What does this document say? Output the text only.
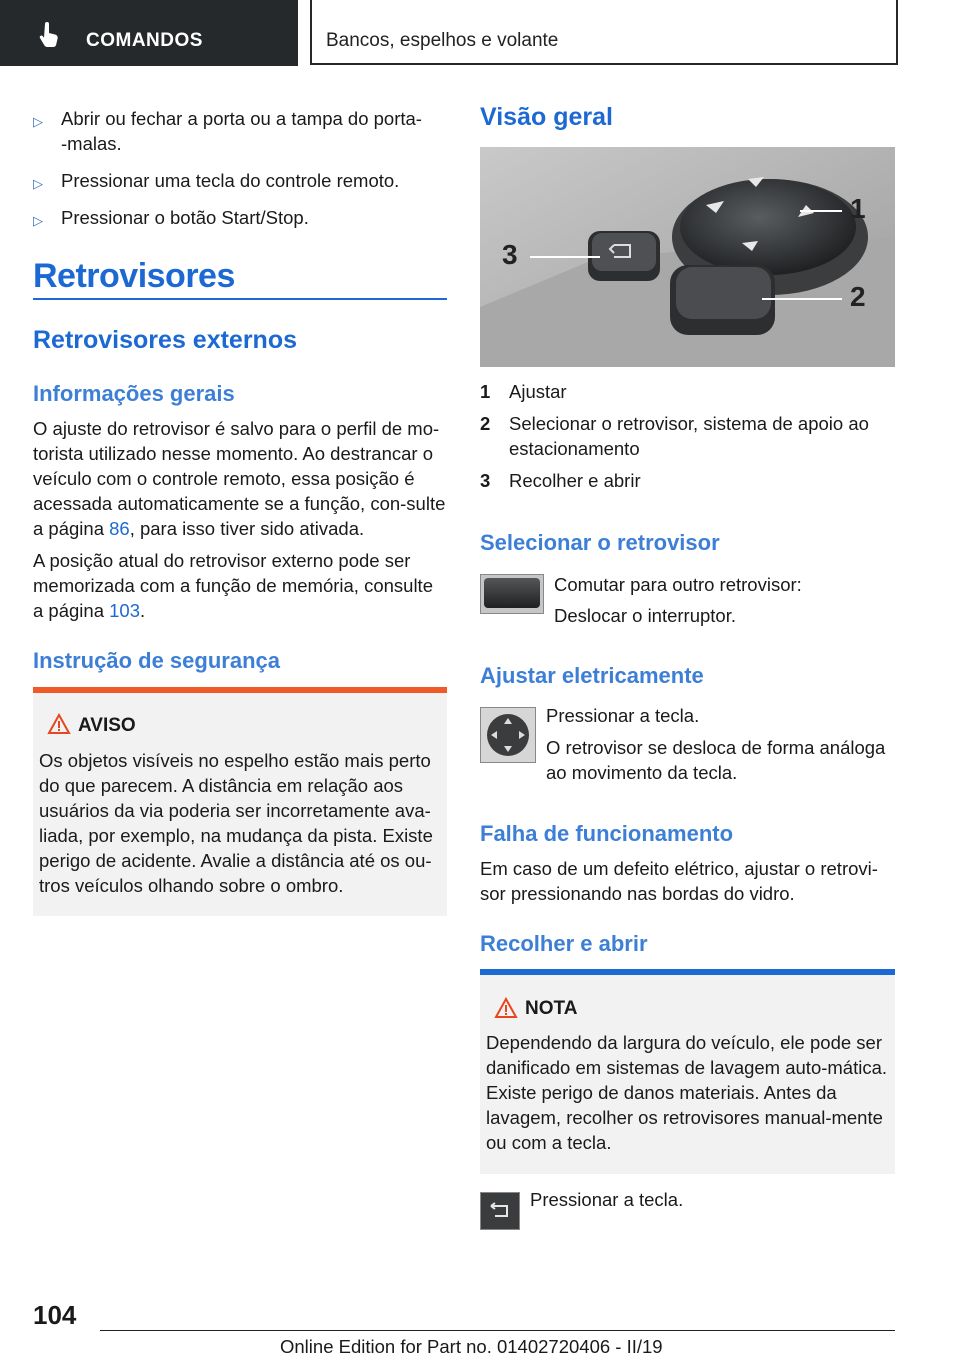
COMANDOS	Bancos, espelhos e volante
▷ Abrir ou fechar a porta ou a tampa do porta-
-malas.
▷ Pressionar uma tecla do controle remoto.
▷ Pressionar o botão Start/Stop.
Retrovisores
Retrovisores externos
Informações gerais

O ajuste do retrovisor é salvo para o perfil de mo-torista utilizado nesse momento. Ao destrancar o veículo com o controle remoto, essa posição é acessada automaticamente se a função, con-sulte a página 86, para isso tiver sido ativada.

A posição atual do retrovisor externo pode ser memorizada com a função de memória, consulte a página 103.

Instrução de segurança
AVISO

Os objetos visíveis no espelho estão mais perto do que parecem. A distância em relação aos usuários da via poderia ser incorretamente ava-liada, por exemplo, na mudança da pista. Existe perigo de acidente. Avalie a distância até os ou-tros veículos olhando sobre o ombro.

Visão geral
1
2
3
1	Ajustar
2	Selecionar o retrovisor, sistema de apoio ao estacionamento
3	Recolher e abrir
Selecionar o retrovisor

Comutar para outro retrovisor:

Deslocar o interruptor.

Ajustar eletricamente

Pressionar a tecla.

O retrovisor se desloca de forma análoga ao movimento da tecla.

Falha de funcionamento

Em caso de um defeito elétrico, ajustar o retrovi-sor pressionando nas bordas do vidro.

Recolher e abrir
NOTA

Dependendo da largura do veículo, ele pode ser danificado em sistemas de lavagem auto-mática. Existe perigo de danos materiais. Antes da lavagem, recolher os retrovisores manual-mente ou com a tecla.

Pressionar a tecla.

104
Online Edition for Part no. 01402720406 - II/19
